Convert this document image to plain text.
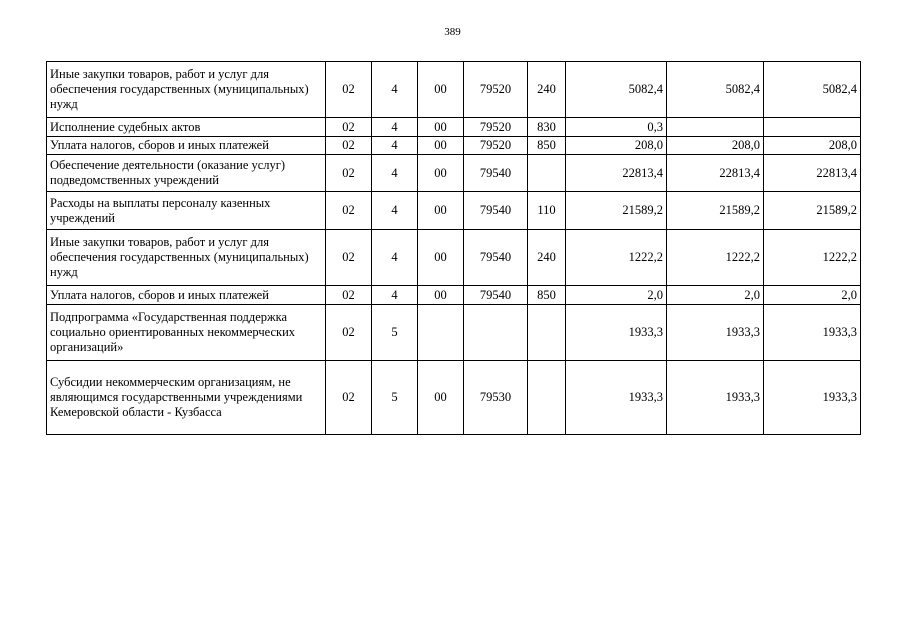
389
Иные закупки товаров, работ и услуг для обеспечения государственных (муниципальных) нужд	02	4	00	79520	240	5082,4	5082,4	5082,4
Исполнение судебных актов	02	4	00	79520	830	0,3		
Уплата налогов, сборов и иных платежей	02	4	00	79520	850	208,0	208,0	208,0
Обеспечение деятельности (оказание услуг) подведомственных учреждений	02	4	00	79540		22813,4	22813,4	22813,4
Расходы на выплаты персоналу казенных учреждений	02	4	00	79540	110	21589,2	21589,2	21589,2
Иные закупки товаров, работ и услуг для обеспечения государственных (муниципальных) нужд	02	4	00	79540	240	1222,2	1222,2	1222,2
Уплата налогов, сборов и иных платежей	02	4	00	79540	850	2,0	2,0	2,0
Подпрограмма «Государственная поддержка социально ориентированных некоммерческих организаций»	02	5				1933,3	1933,3	1933,3
Субсидии некоммерческим организациям, не являющимся государственными учреждениями Кемеровской области - Кузбасса	02	5	00	79530		1933,3	1933,3	1933,3
